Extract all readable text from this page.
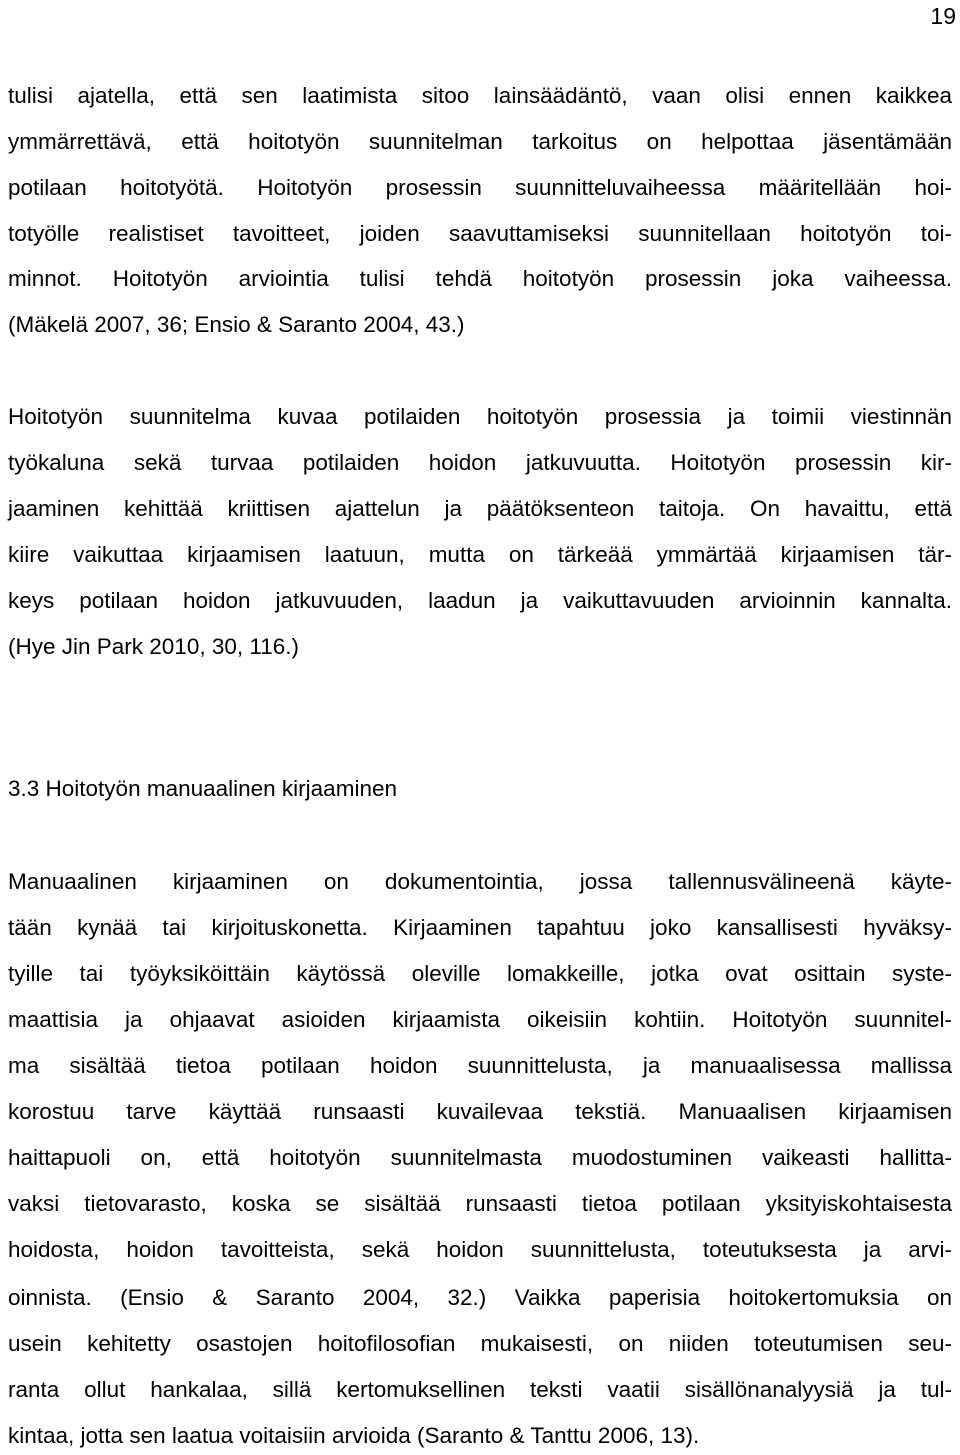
19
tulisi ajatella, että sen laatimista sitoo lainsäädäntö, vaan olisi ennen kaikkea
ymmärrettävä, että hoitotyön suunnitelman tarkoitus on helpottaa jäsentämään
potilaan hoitotyötä. Hoitotyön prosessin suunnitteluvaiheessa määritellään hoi-
totyölle realistiset tavoitteet, joiden saavuttamiseksi suunnitellaan hoitotyön toi-
minnot. Hoitotyön arviointia tulisi tehdä hoitotyön prosessin joka vaiheessa.
(Mäkelä 2007, 36; Ensio & Saranto 2004, 43.)
Hoitotyön suunnitelma kuvaa potilaiden hoitotyön prosessia ja toimii viestinnän
työkaluna sekä turvaa potilaiden hoidon jatkuvuutta. Hoitotyön prosessin kir-
jaaminen kehittää kriittisen ajattelun ja päätöksenteon taitoja. On havaittu, että
kiire vaikuttaa kirjaamisen laatuun, mutta on tärkeää ymmärtää kirjaamisen tär-
keys potilaan hoidon jatkuvuuden, laadun ja vaikuttavuuden arvioinnin kannalta.
(Hye Jin Park 2010, 30, 116.)
3.3 Hoitotyön manuaalinen kirjaaminen
Manuaalinen kirjaaminen on dokumentointia, jossa tallennusvälineenä käyte-
tään kynää tai kirjoituskonetta. Kirjaaminen tapahtuu joko kansallisesti hyväksy-
tyille tai työyksiköittäin käytössä oleville lomakkeille, jotka ovat osittain syste-
maattisia ja ohjaavat asioiden kirjaamista oikeisiin kohtiin. Hoitotyön suunnitel-
ma sisältää tietoa potilaan hoidon suunnittelusta, ja manuaalisessa mallissa
korostuu tarve käyttää runsaasti kuvailevaa tekstiä. Manuaalisen kirjaamisen
haittapuoli on, että hoitotyön suunnitelmasta muodostuminen vaikeasti hallitta-
vaksi tietovarasto, koska se sisältää runsaasti tietoa potilaan yksityiskohtaisesta
hoidosta, hoidon tavoitteista, sekä hoidon suunnittelusta, toteutuksesta ja arvi-
oinnista. (Ensio & Saranto 2004, 32.) Vaikka paperisia hoitokertomuksia on
usein kehitetty osastojen hoitofilosofian mukaisesti, on niiden toteutumisen seu-
ranta ollut hankalaa, sillä kertomuksellinen teksti vaatii sisällönanalyysiä ja tul-
kintaa, jotta sen laatua voitaisiin arvioida (Saranto & Tanttu 2006, 13).
